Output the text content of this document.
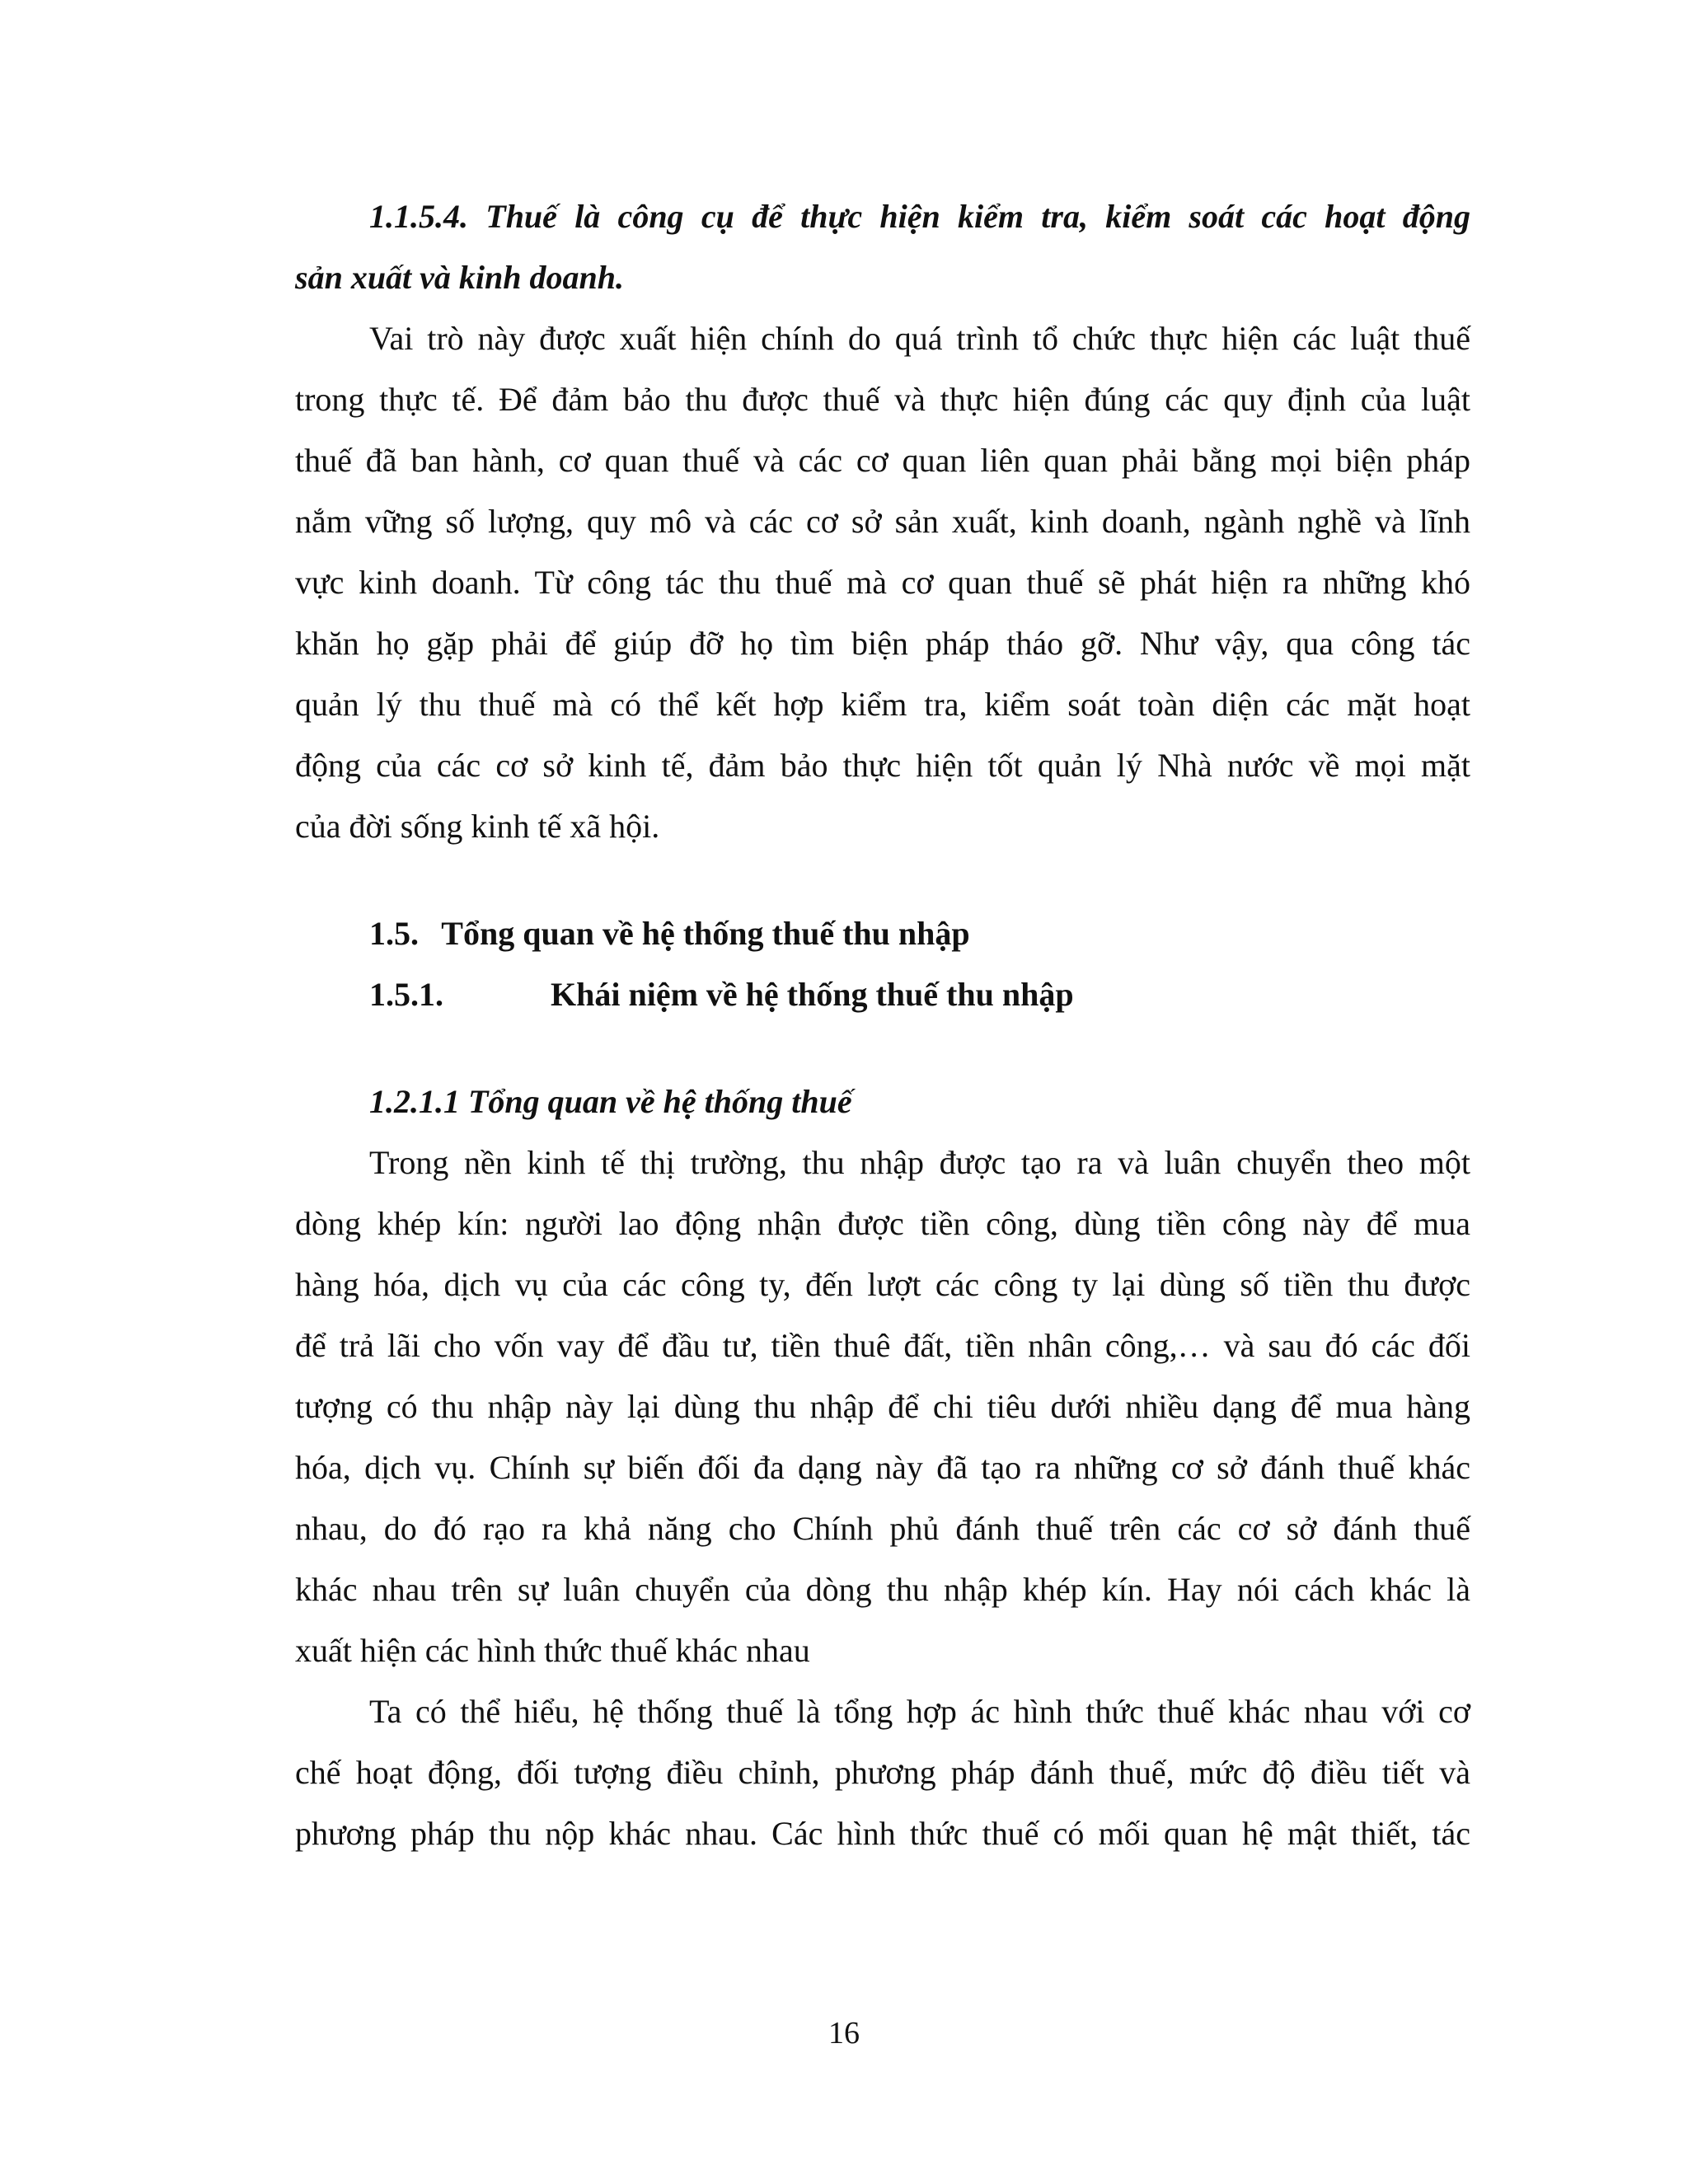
1.1.5.4. Thuế là công cụ để thực hiện kiểm tra, kiểm soát các hoạt động
sản xuất và kinh doanh.
Vai trò này được xuất hiện chính do quá trình tổ chức thực hiện các luật thuế
trong thực tế. Để đảm bảo thu được thuế và thực hiện đúng các quy định của luật
thuế đã ban hành, cơ quan thuế và các cơ quan liên quan phải bằng mọi biện pháp
nắm vững số lượng, quy mô và các cơ sở sản xuất, kinh doanh, ngành nghề và lĩnh
vực kinh doanh. Từ công tác thu thuế mà cơ quan thuế sẽ phát hiện ra những khó
khăn họ gặp phải để giúp đỡ họ tìm biện pháp tháo gỡ. Như vậy, qua công tác
quản lý thu thuế mà có thể kết hợp kiểm tra, kiểm soát toàn diện các mặt hoạt
động của các cơ sở kinh tế, đảm bảo thực hiện tốt quản lý Nhà nước về mọi mặt
của đời sống kinh tế xã hội.
1.5. Tổng quan về hệ thống thuế thu nhập
1.5.1.	Khái niệm về hệ thống thuế thu nhập
1.2.1.1 Tổng quan về hệ thống thuế
Trong nền kinh tế thị trường, thu nhập được tạo ra và luân chuyển theo một
dòng khép kín: người lao động nhận được tiền công, dùng tiền công này để mua
hàng hóa, dịch vụ của các công ty, đến lượt các công ty lại dùng số tiền thu được
để trả lãi cho vốn vay để đầu tư, tiền thuê đất, tiền nhân công,… và sau đó các đối
tượng có thu nhập này lại dùng thu nhập để chi tiêu dưới nhiều dạng để mua hàng
hóa, dịch vụ. Chính sự biến đối đa dạng này đã tạo ra những cơ sở đánh thuế khác
nhau, do đó rạo ra khả năng cho Chính phủ đánh thuế trên các cơ sở đánh thuế
khác nhau trên sự luân chuyển của dòng thu nhập khép kín. Hay nói cách khác là
xuất hiện các hình thức thuế khác nhau
Ta có thể hiểu, hệ thống thuế là tổng hợp ác hình thức thuế khác nhau với cơ
chế hoạt động, đối tượng điều chỉnh, phương pháp đánh thuế, mức độ điều tiết và
phương pháp thu nộp khác nhau. Các hình thức thuế có mối quan hệ mật thiết, tác
16
